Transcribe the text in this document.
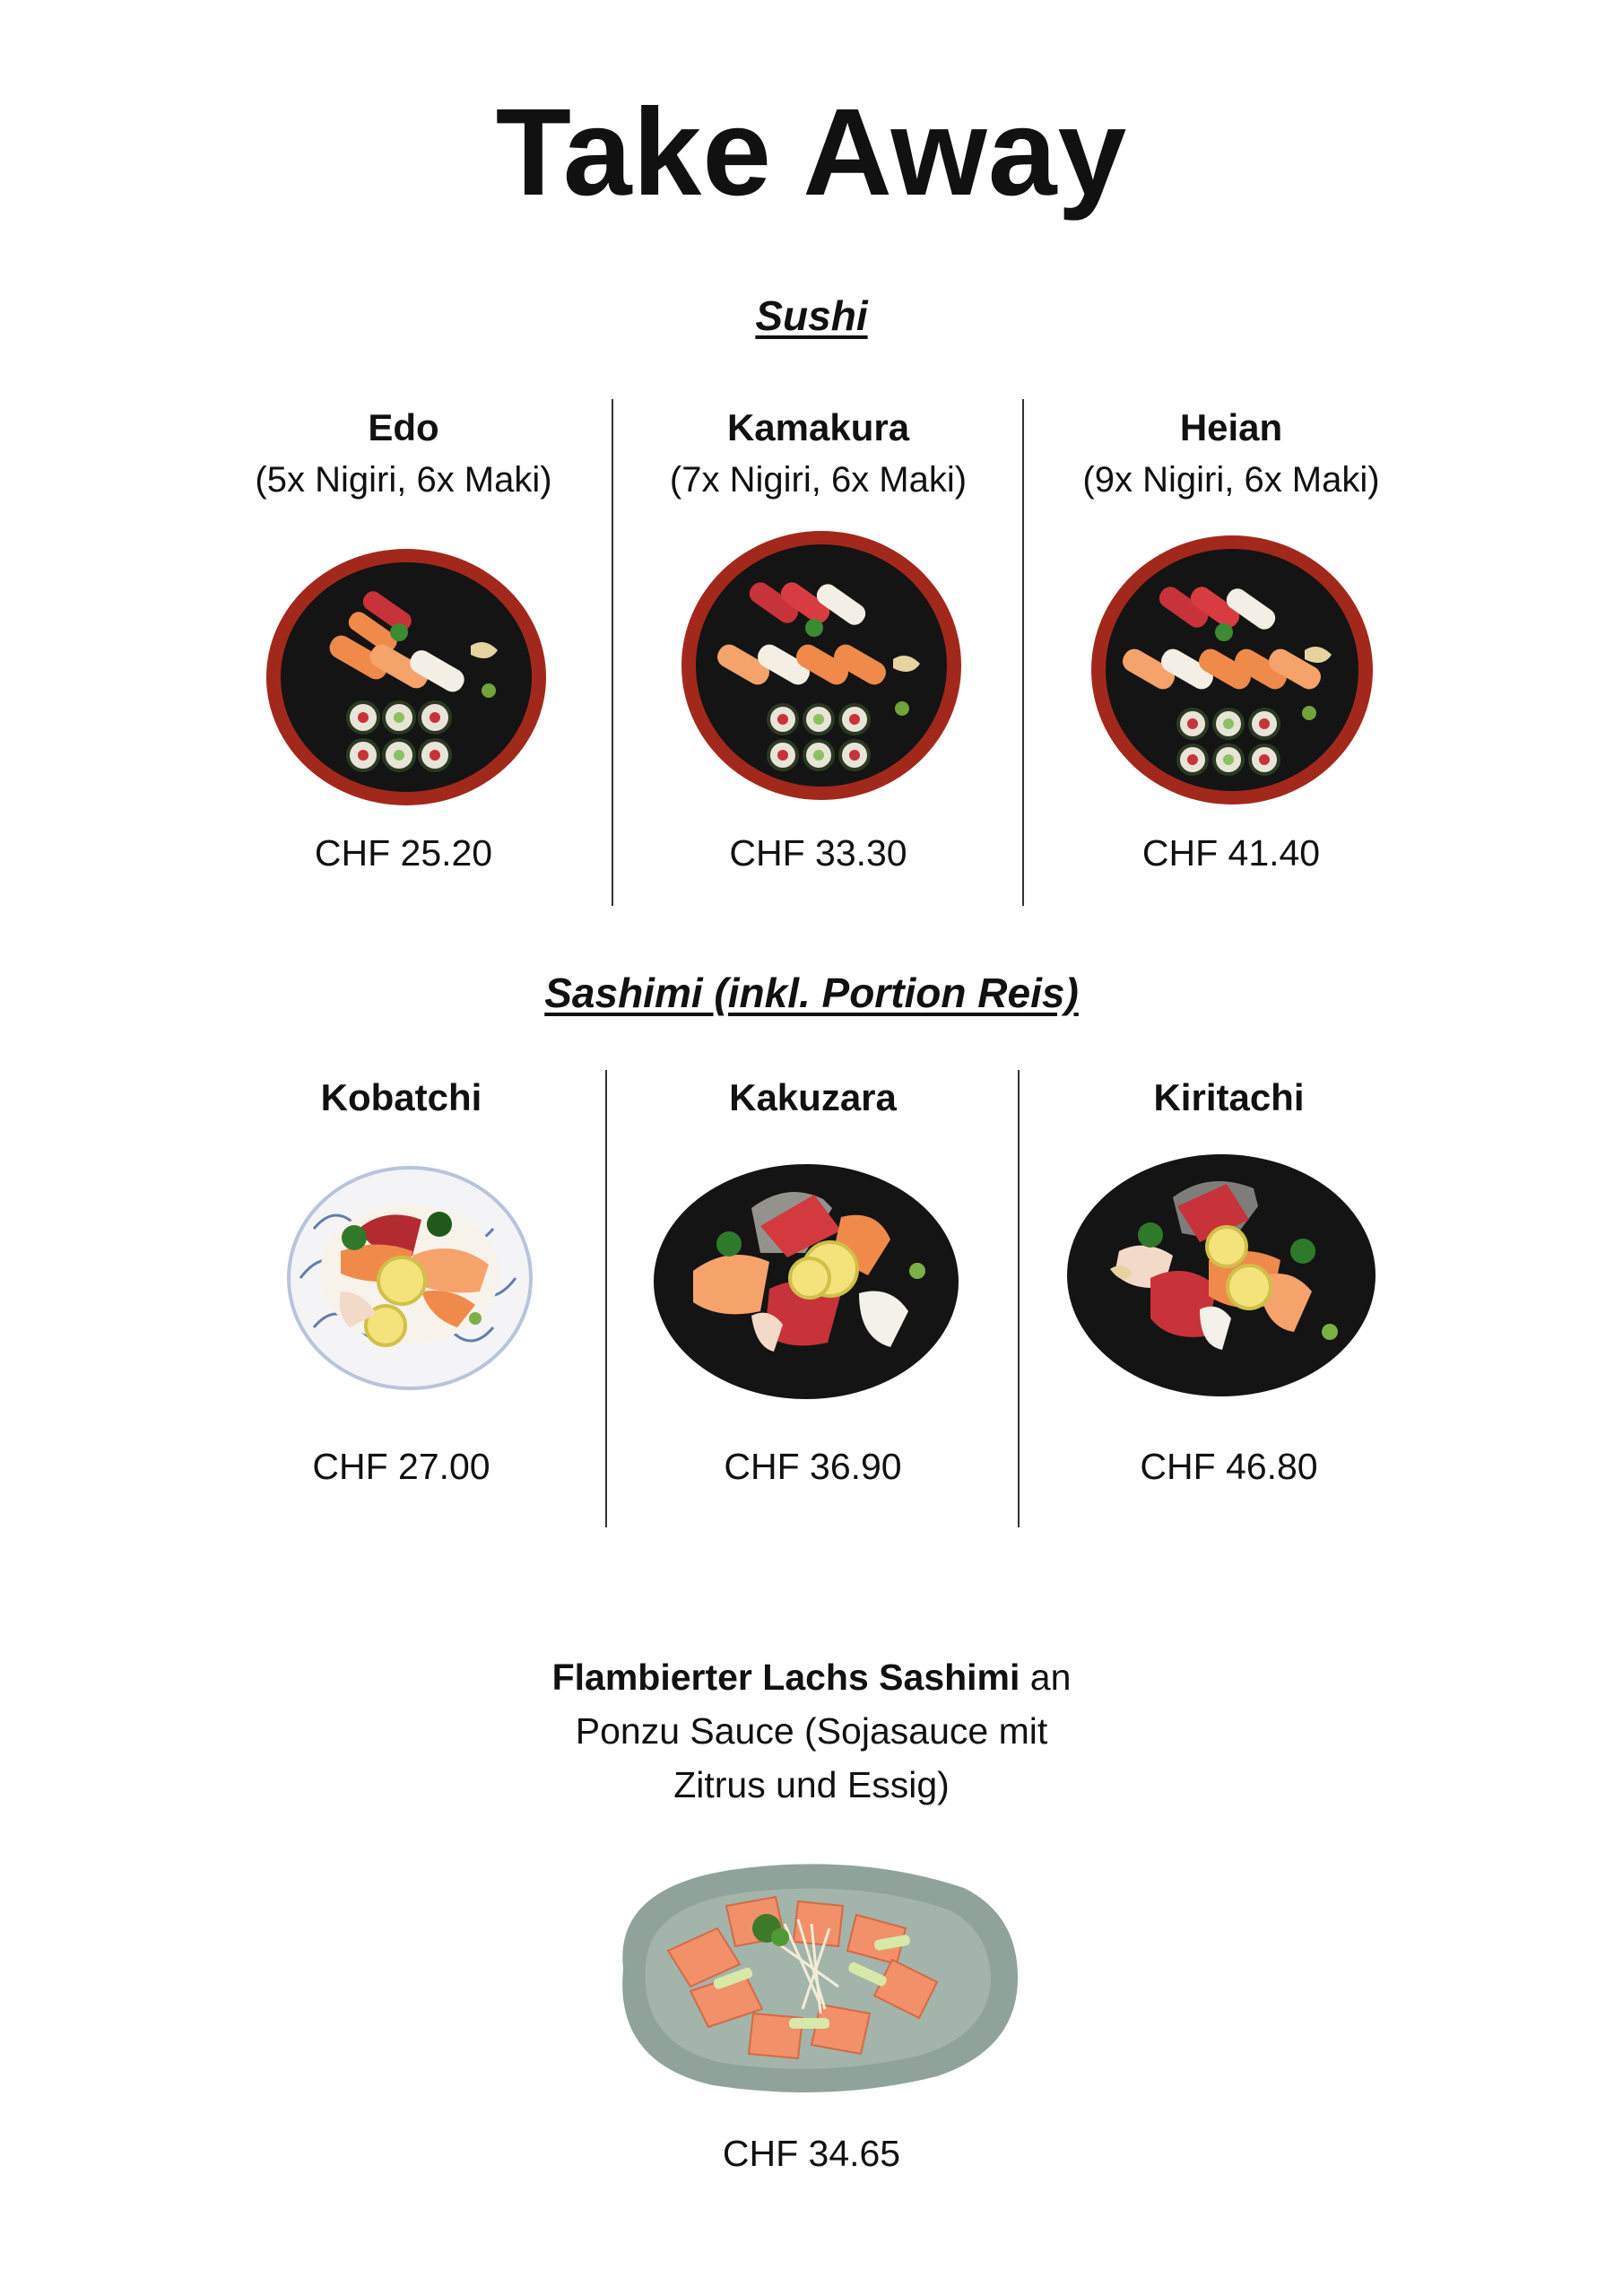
Take Away
Sushi
Edo
(5x Nigiri, 6x Maki)
CHF 25.20
Kamakura
(7x Nigiri, 6x Maki)
CHF 33.30
Heian
(9x Nigiri, 6x Maki)
CHF 41.40
Sashimi (inkl. Portion Reis)
Kobatchi
CHF 27.00
Kakuzara
CHF 36.90
Kiritachi
CHF 46.80
Flambierter Lachs Sashimi an
Ponzu Sauce (Sojasauce mit
Zitrus und Essig)
CHF 34.65
